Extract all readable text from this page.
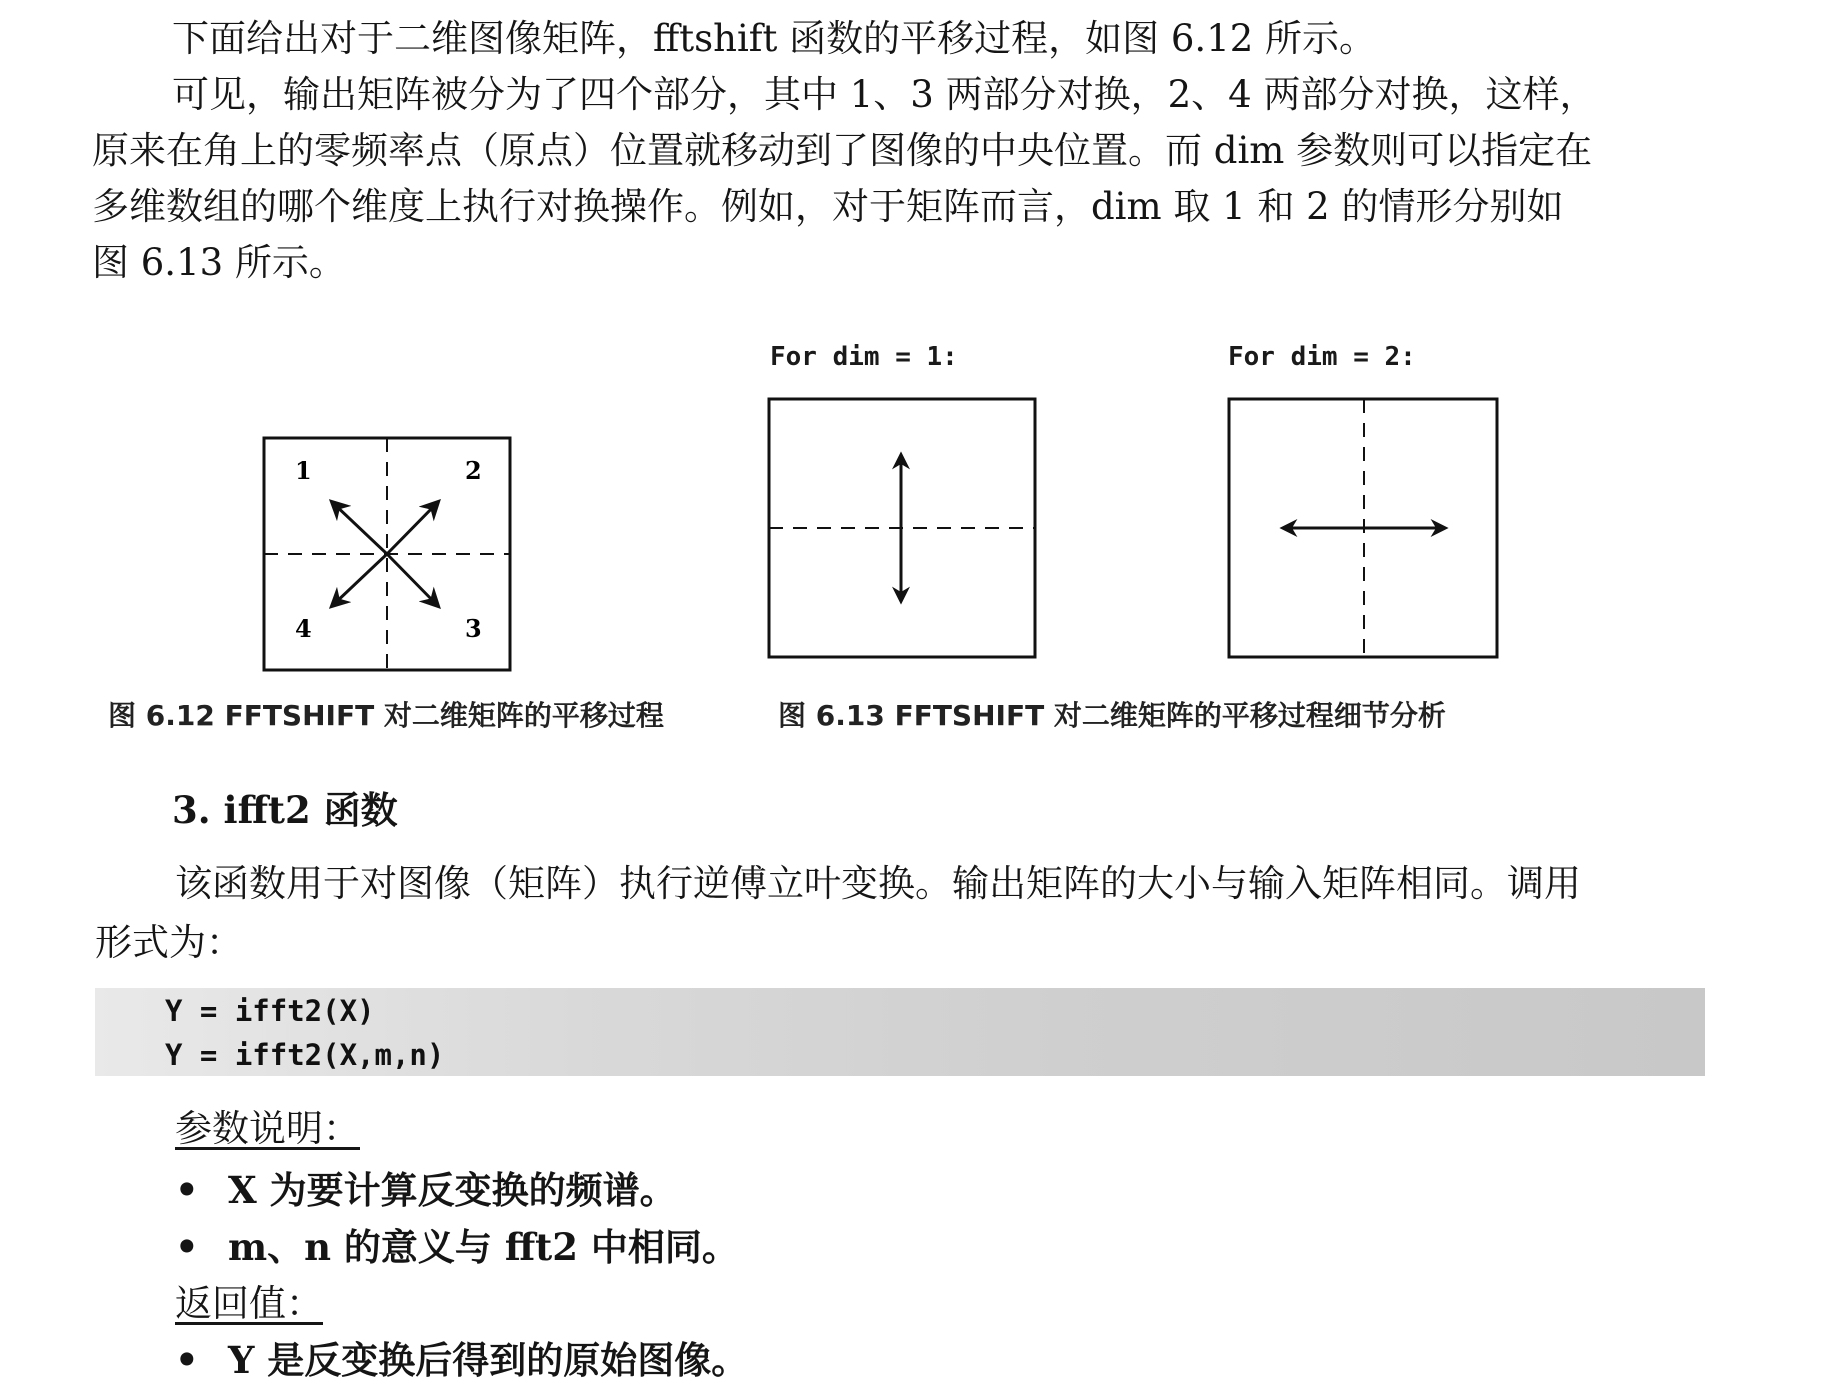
下面给出对于二维图像矩阵，fftshift 函数的平移过程，如图 6.12 所示。

可见，输出矩阵被分为了四个部分，其中 1、3 两部分对换，2、4 两部分对换，这样，

原来在角上的零频率点（原点）位置就移动到了图像的中央位置。而 dim 参数则可以指定在

多维数组的哪个维度上执行对换操作。例如，对于矩阵而言，dim 取 1 和 2 的情形分别如

图 6.13 所示。

1	2
3
4
图 6.12 FFTSHIFT 对二维矩阵的平移过程
For dim = 1:	For dim = 2:
图 6.13 FFTSHIFT 对二维矩阵的平移过程细节分析
3. ifft2 函数

该函数用于对图像（矩阵）执行逆傅立叶变换。输出矩阵的大小与输入矩阵相同。调用

形式为：

Y = ifft2(X)
Y = ifft2(X,m,n)
参数说明：
• X 为要计算反变换的频谱。
• m、n 的意义与 fft2 中相同。
返回值：
• Y 是反变换后得到的原始图像。
